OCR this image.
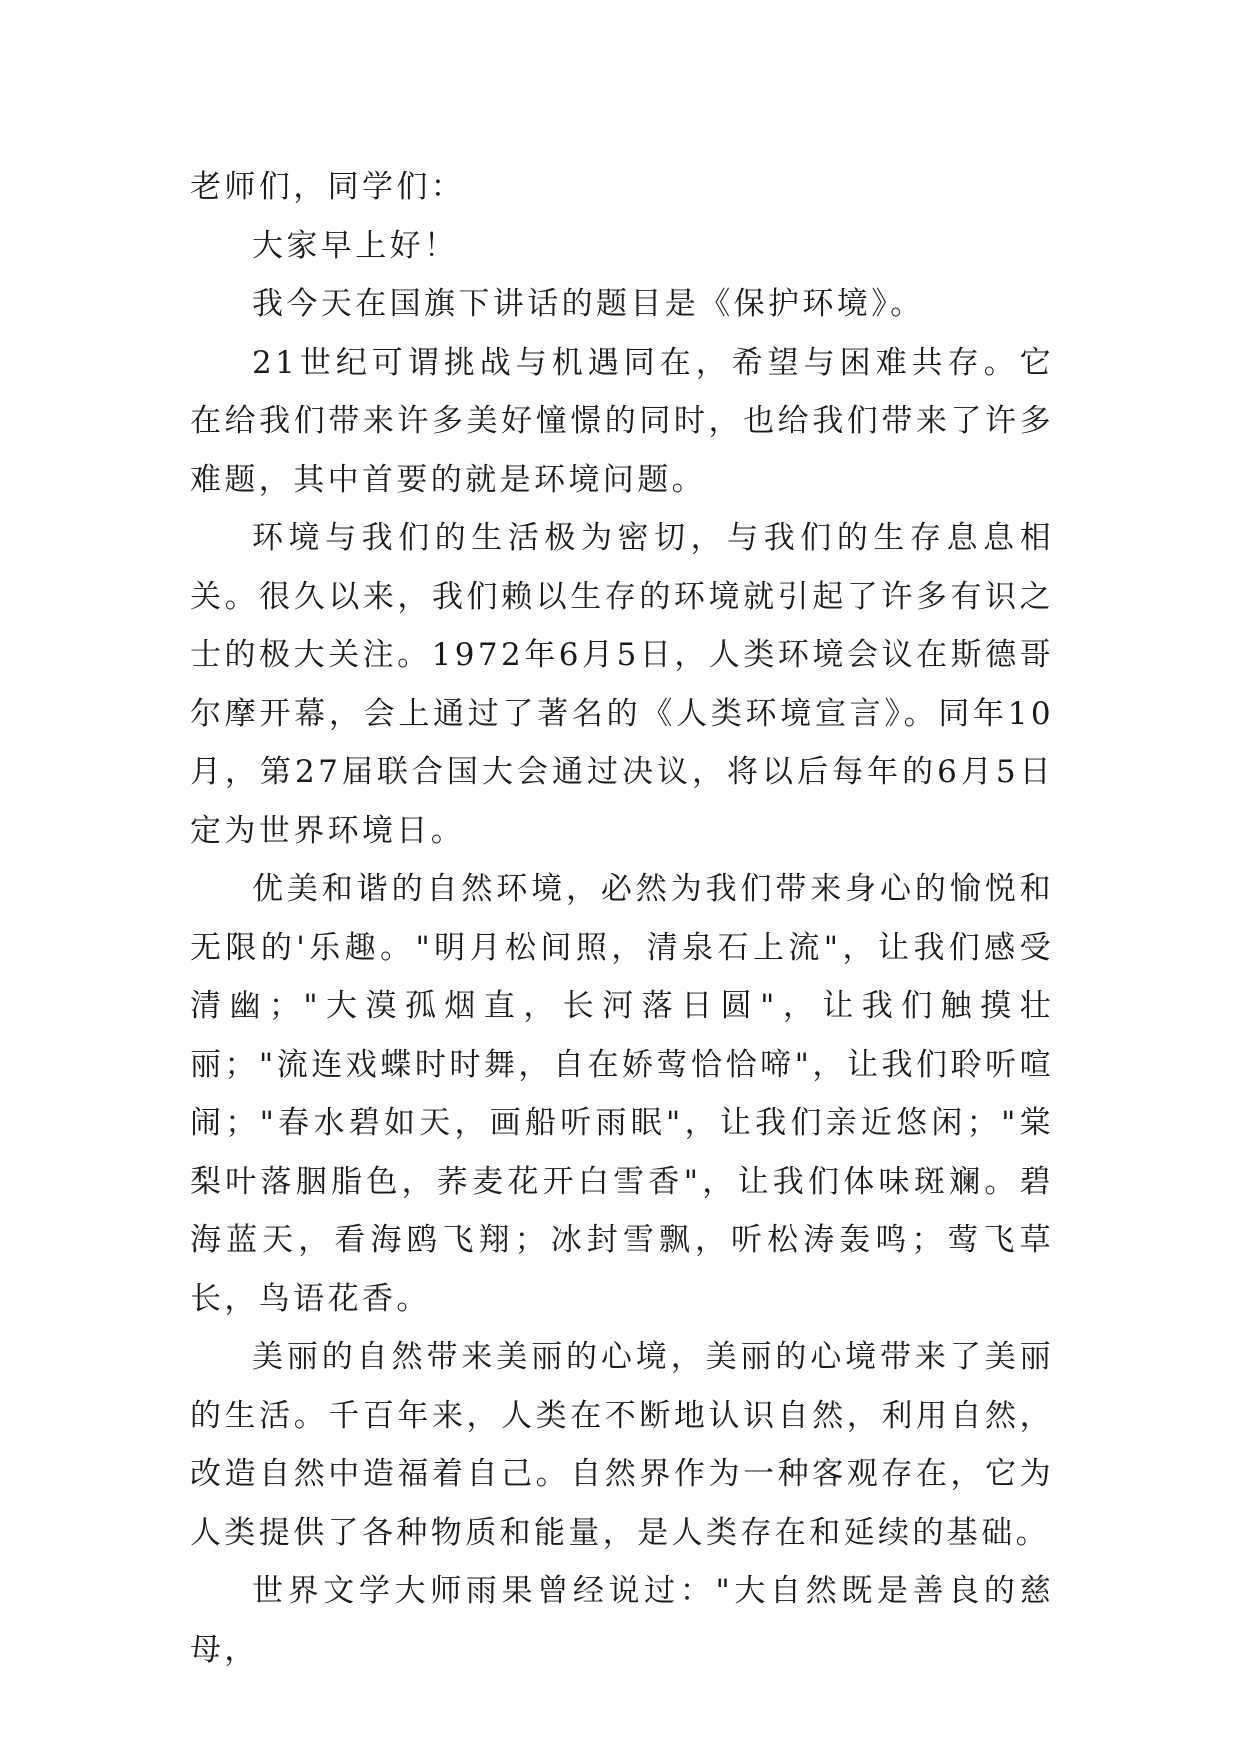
老师们，同学们：

大家早上好！

我今天在国旗下讲话的题目是《保护环境》。

21世纪可谓挑战与机遇同在，希望与困难共存。它在给我们带来许多美好憧憬的同时，也给我们带来了许多难题，其中首要的就是环境问题。

环境与我们的生活极为密切，与我们的生存息息相关。很久以来，我们赖以生存的环境就引起了许多有识之士的极大关注。1972年6月5日，人类环境会议在斯德哥尔摩开幕，会上通过了著名的《人类环境宣言》。同年10月，第27届联合国大会通过决议，将以后每年的6月5日定为世界环境日。

优美和谐的自然环境，必然为我们带来身心的愉悦和无限的'乐趣。"明月松间照，清泉石上流"，让我们感受清幽；"大漠孤烟直，长河落日圆"，让我们触摸壮丽；"流连戏蝶时时舞，自在娇莺恰恰啼"，让我们聆听喧闹；"春水碧如天，画船听雨眠"，让我们亲近悠闲；"棠梨叶落胭脂色，荞麦花开白雪香"，让我们体味斑斓。碧海蓝天，看海鸥飞翔；冰封雪飘，听松涛轰鸣；莺飞草长，鸟语花香。

美丽的自然带来美丽的心境，美丽的心境带来了美丽的生活。千百年来，人类在不断地认识自然，利用自然，改造自然中造福着自己。自然界作为一种客观存在，它为人类提供了各种物质和能量，是人类存在和延续的基础。

世界文学大师雨果曾经说过："大自然既是善良的慈母，
